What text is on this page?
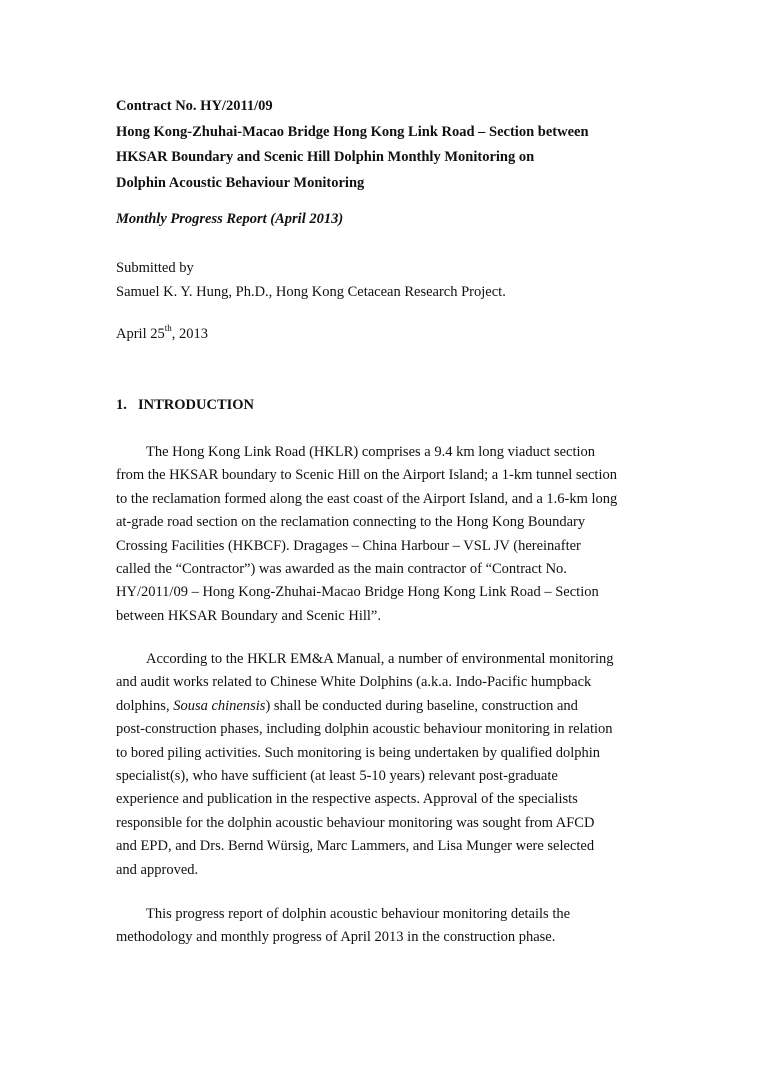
Contract No. HY/2011/09
Hong Kong-Zhuhai-Macao Bridge Hong Kong Link Road – Section between
HKSAR Boundary and Scenic Hill Dolphin Monthly Monitoring on
Dolphin Acoustic Behaviour Monitoring
Monthly Progress Report (April 2013)
Submitted by
Samuel K. Y. Hung, Ph.D., Hong Kong Cetacean Research Project.
April 25th, 2013
1. INTRODUCTION
The Hong Kong Link Road (HKLR) comprises a 9.4 km long viaduct section
from the HKSAR boundary to Scenic Hill on the Airport Island; a 1-km tunnel section
to the reclamation formed along the east coast of the Airport Island, and a 1.6-km long
at-grade road section on the reclamation connecting to the Hong Kong Boundary
Crossing Facilities (HKBCF). Dragages – China Harbour – VSL JV (hereinafter
called the “Contractor”) was awarded as the main contractor of “Contract No.
HY/2011/09 – Hong Kong-Zhuhai-Macao Bridge Hong Kong Link Road – Section
between HKSAR Boundary and Scenic Hill”.
According to the HKLR EM&A Manual, a number of environmental monitoring
and audit works related to Chinese White Dolphins (a.k.a. Indo-Pacific humpback
dolphins, Sousa chinensis) shall be conducted during baseline, construction and
post-construction phases, including dolphin acoustic behaviour monitoring in relation
to bored piling activities. Such monitoring is being undertaken by qualified dolphin
specialist(s), who have sufficient (at least 5-10 years) relevant post-graduate
experience and publication in the respective aspects. Approval of the specialists
responsible for the dolphin acoustic behaviour monitoring was sought from AFCD
and EPD, and Drs. Bernd Würsig, Marc Lammers, and Lisa Munger were selected
and approved.
This progress report of dolphin acoustic behaviour monitoring details the
methodology and monthly progress of April 2013 in the construction phase.
